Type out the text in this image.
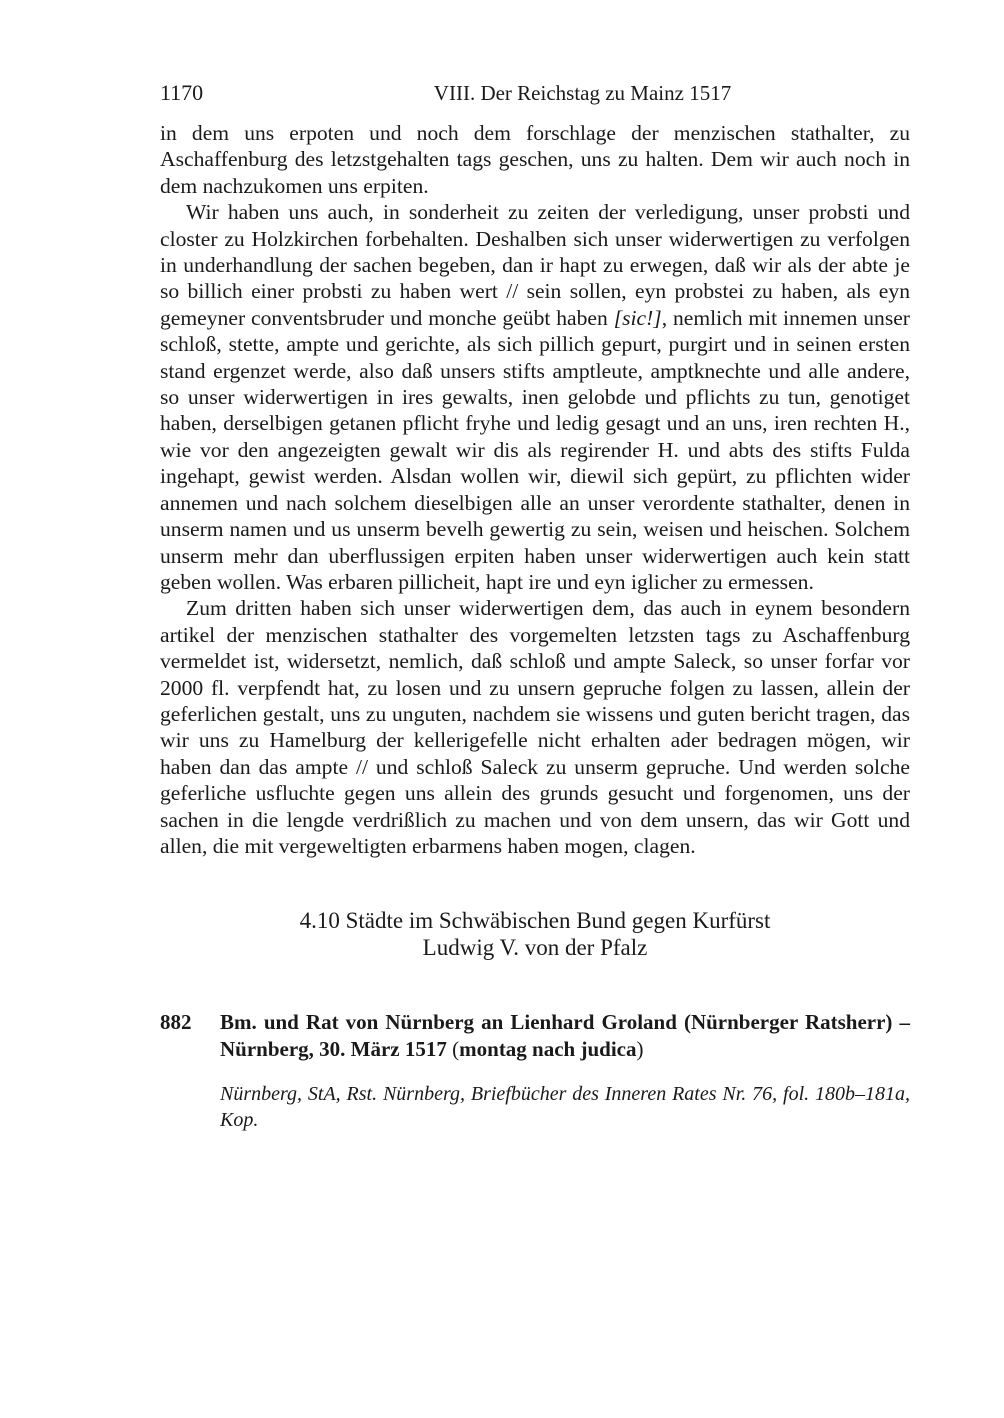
1170	VIII. Der Reichstag zu Mainz 1517

in dem uns erpoten und noch dem forschlage der menzischen stathalter, zu Aschaffenburg des letzstgehalten tags geschen, uns zu halten. Dem wir auch noch in dem nachzukomen uns erpiten.

Wir haben uns auch, in sonderheit zu zeiten der verledigung, unser probsti und closter zu Holzkirchen forbehalten. Deshalben sich unser widerwertigen zu verfolgen in underhandlung der sachen begeben, dan ir hapt zu erwegen, daß wir als der abte je so billich einer probsti zu haben wert // sein sollen, eyn probstei zu haben, als eyn gemeyner conventsbruder und monche geübt haben [sic!], nemlich mit innemen unser schloß, stette, ampte und gerichte, als sich pillich gepurt, purgirt und in seinen ersten stand ergenzet werde, also daß unsers stifts amptleute, amptknechte und alle andere, so unser widerwertigen in ires gewalts, inen gelobde und pflichts zu tun, genotiget haben, derselbigen getanen pflicht fryhe und ledig gesagt und an uns, iren rechten H., wie vor den angezeigten gewalt wir dis als regirender H. und abts des stifts Fulda ingehapt, gewist werden. Alsdan wollen wir, diewil sich gepürt, zu pflichten wider annemen und nach solchem dieselbigen alle an unser verordente stathalter, denen in unserm namen und us unserm bevelh gewertig zu sein, weisen und heischen. Solchem unserm mehr dan uberflussigen erpiten haben unser widerwertigen auch kein statt geben wollen. Was erbaren pillicheit, hapt ire und eyn iglicher zu ermessen.

Zum dritten haben sich unser widerwertigen dem, das auch in eynem besondern artikel der menzischen stathalter des vorgemelten letzsten tags zu Aschaffenburg vermeldet ist, widersetzt, nemlich, daß schloß und ampte Saleck, so unser forfar vor 2000 fl. verpfendt hat, zu losen und zu unsern gepruche folgen zu lassen, allein der geferlichen gestalt, uns zu unguten, nachdem sie wissens und guten bericht tragen, das wir uns zu Hamelburg der kellerigefelle nicht erhalten ader bedragen mögen, wir haben dan das ampte // und schloß Saleck zu unserm gepruche. Und werden solche geferliche usfluchte gegen uns allein des grunds gesucht und forgenomen, uns der sachen in die lengde verdrißlich zu machen und von dem unsern, das wir Gott und allen, die mit vergeweltigten erbarmens haben mogen, clagen.

4.10 Städte im Schwäbischen Bund gegen Kurfürst
Ludwig V. von der Pfalz
882 Bm. und Rat von Nürnberg an Lienhard Groland (Nürnberger Ratsherr) – Nürnberg, 30. März 1517 (montag nach judica)
Nürnberg, StA, Rst. Nürnberg, Briefbücher des Inneren Rates Nr. 76, fol. 180b–181a, Kop.
